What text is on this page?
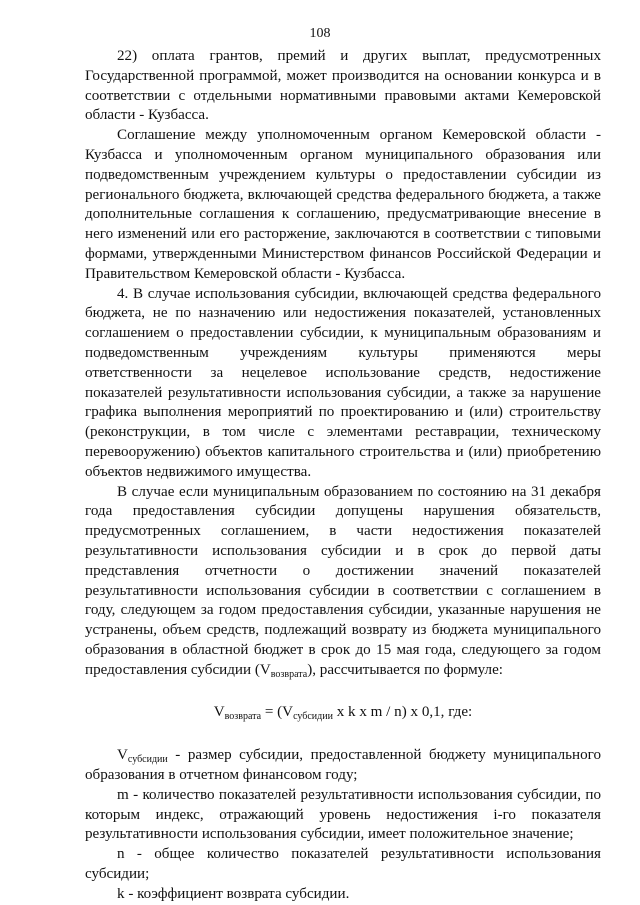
108

22) оплата грантов, премий и других выплат, предусмотренных Государственной программой, может производится на основании конкурса и в соответствии с отдельными нормативными правовыми актами Кемеровской области - Кузбасса.

Соглашение между уполномоченным органом Кемеровской области - Кузбасса и уполномоченным органом муниципального образования или подведомственным учреждением культуры о предоставлении субсидии из регионального бюджета, включающей средства федерального бюджета, а также дополнительные соглашения к соглашению, предусматривающие внесение в него изменений или его расторжение, заключаются в соответствии с типовыми формами, утвержденными Министерством финансов Российской Федерации и Правительством Кемеровской области - Кузбасса.

4. В случае использования субсидии, включающей средства федерального бюджета, не по назначению или недостижения показателей, установленных соглашением о предоставлении субсидии, к муниципальным образованиям и подведомственным учреждениям культуры применяются меры ответственности за нецелевое использование средств, недостижение показателей результативности использования субсидии, а также за нарушение графика выполнения мероприятий по проектированию и (или) строительству (реконструкции, в том числе с элементами реставрации, техническому перевооружению) объектов капитального строительства и (или) приобретению объектов недвижимого имущества.

В случае если муниципальным образованием по состоянию на 31 декабря года предоставления субсидии допущены нарушения обязательств, предусмотренных соглашением, в части недостижения показателей результативности использования субсидии и в срок до первой даты представления отчетности о достижении значений показателей результативности использования субсидии в соответствии с соглашением в году, следующем за годом предоставления субсидии, указанные нарушения не устранены, объем средств, подлежащий возврату из бюджета муниципального образования в областной бюджет в срок до 15 мая года, следующего за годом предоставления субсидии $(V_{возврата})$, рассчитывается по формуле:

$V_{возврата} = (V_{субсидии}$ x k x m / n) x 0,1, где:

$V_{субсидии}$ - размер субсидии, предоставленной бюджету муниципального образования в отчетном финансовом году;

m - количество показателей результативности использования субсидии, по которым индекс, отражающий уровень недостижения i-го показателя результативности использования субсидии, имеет положительное значение;

n - общее количество показателей результативности использования субсидии;

k - коэффициент возврата субсидии.
